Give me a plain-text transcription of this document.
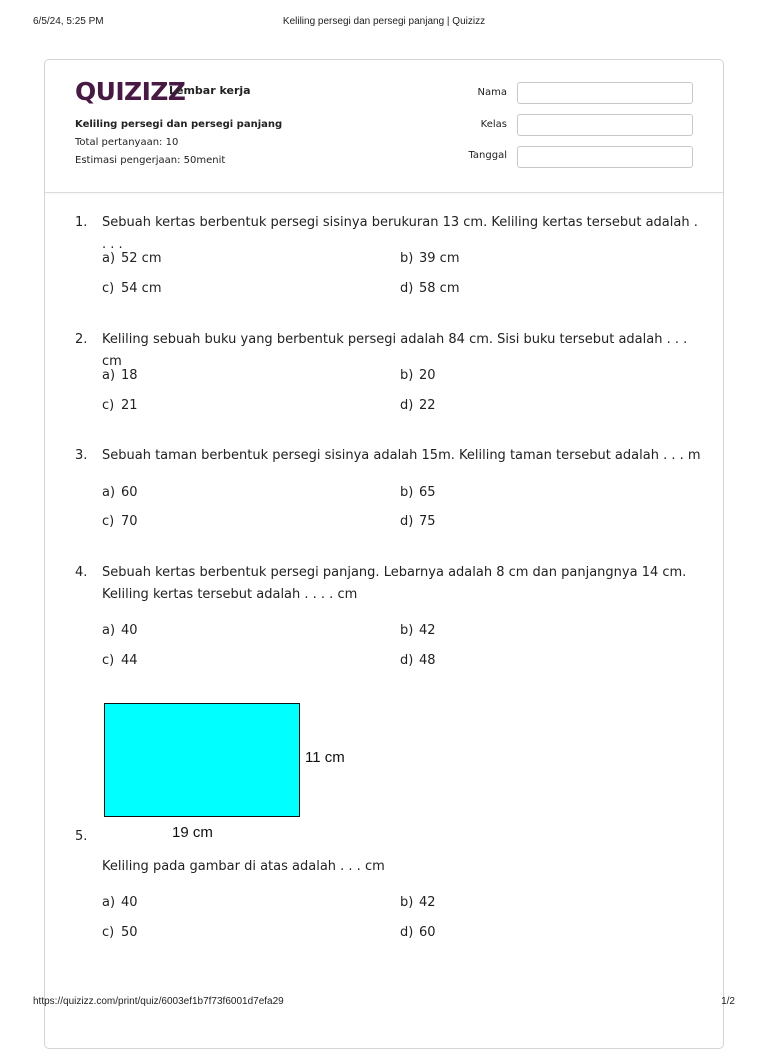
6/5/24, 5:25 PM	Keliling persegi dan persegi panjang | Quizizz
QUIZIZZ
Lembar kerja
Keliling persegi dan persegi panjang
Total pertanyaan: 10
Estimasi pengerjaan: 50menit
Nama
Kelas
Tanggal
1. Sebuah kertas berbentuk persegi sisinya berukuran 13 cm. Keliling kertas tersebut adalah . . . .
a) 52 cm	b) 39 cm
c) 54 cm	d) 58 cm
2. Keliling sebuah buku yang berbentuk persegi adalah 84 cm. Sisi buku tersebut adalah . . . cm
a) 18	b) 20
c) 21	d) 22
3. Sebuah taman berbentuk persegi sisinya adalah 15m. Keliling taman tersebut adalah . . . m
a) 60	b) 65
c) 70	d) 75
4. Sebuah kertas berbentuk persegi panjang. Lebarnya adalah 8 cm dan panjangnya 14 cm. Keliling kertas tersebut adalah . . . . cm
a) 40	b) 42
c) 44	d) 48
11 cm
19 cm
5.
Keliling pada gambar di atas adalah . . . cm
a) 40	b) 42
c) 50	d) 60
https://quizizz.com/print/quiz/6003ef1b7f73f6001d7efa29	1/2
